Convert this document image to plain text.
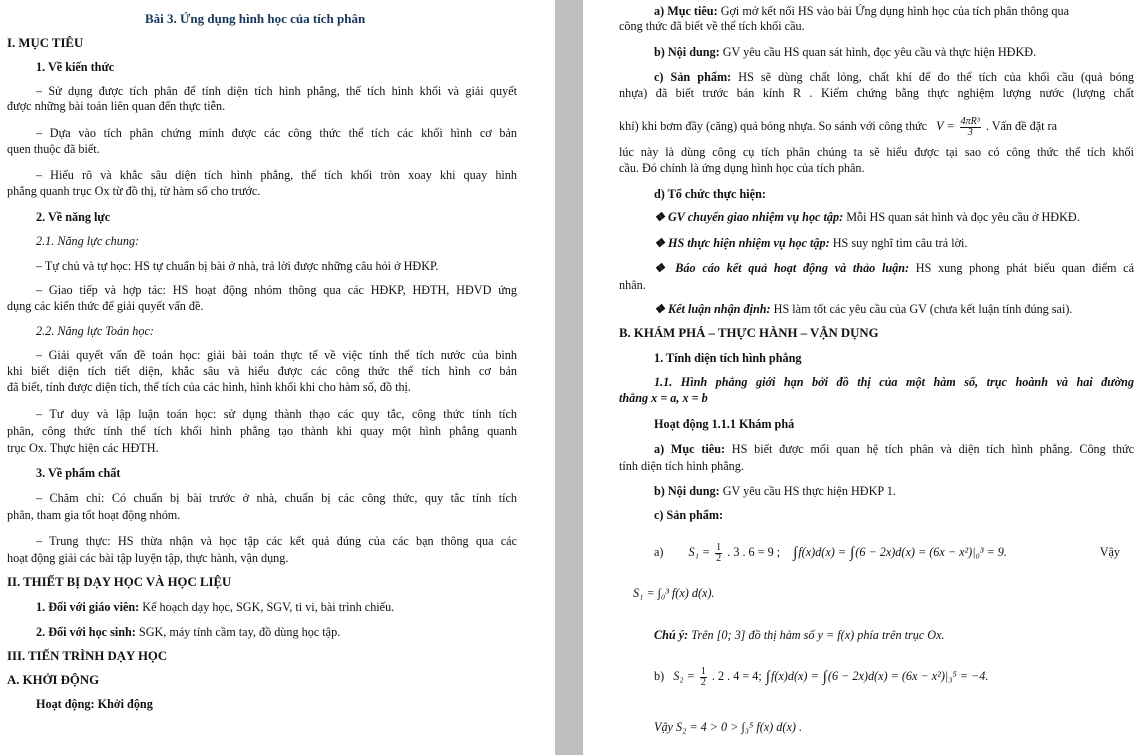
Bài 3. Ứng dụng hình học của tích phân
I. MỤC TIÊU
1. Về kiến thức
– Sử dụng được tích phân để tính diện tích hình phẳng, thể tích hình khối và giải quyết
được những bài toán liên quan đến thực tiễn.
– Dựa vào tích phân chứng minh được các công thức thể tích các khối hình cơ bản
quen thuộc đã biết.
– Hiểu rõ và khắc sâu diện tích hình phẳng, thể tích khối tròn xoay khi quay hình
phẳng quanh trục Ox từ đồ thị, từ hàm số cho trước.
2. Về năng lực
2.1. Năng lực chung:
– Tự chủ và tự học: HS tự chuẩn bị bài ở nhà, trả lời được những câu hỏi ở HĐKP.
– Giao tiếp và hợp tác: HS hoạt động nhóm thông qua các HĐKP, HĐTH, HĐVD ứng
dụng các kiến thức để giải quyết vấn đề.
2.2. Năng lực Toán học:
– Giải quyết vấn đề toán học: giải bài toán thực tế về việc tính thể tích nước của bình
khi biết diện tích tiết diện, khắc sâu và hiểu được các công thức thể tích hình cơ bản
đã biết, tính được diện tích, thể tích của các hình, hình khối khi cho hàm số, đồ thị.
– Tư duy và lập luận toán học: sử dụng thành thạo các quy tắc, công thức tính tích
phân, công thức tính thể tích khối hình phẳng tạo thành khi quay một hình phẳng quanh
trục Ox. Thực hiện các HĐTH.
3. Về phẩm chất
– Chăm chỉ: Có chuẩn bị bài trước ở nhà, chuẩn bị các công thức, quy tắc tính tích
phân, tham gia tốt hoạt động nhóm.
– Trung thực: HS thừa nhận và học tập các kết quả đúng của các bạn thông qua các
hoạt động giải các bài tập luyện tập, thực hành, vận dụng.
II. THIẾT BỊ DẠY HỌC VÀ HỌC LIỆU
1. Đối với giáo viên: Kế hoạch dạy học, SGK, SGV, ti vi, bài trình chiếu.
2. Đối với học sinh: SGK, máy tính cầm tay, đồ dùng học tập.
III. TIẾN TRÌNH DẠY HỌC
A. KHỞI ĐỘNG
Hoạt động: Khởi động
a) Mục tiêu: Gợi mở kết nối HS vào bài Ứng dụng hình học của tích phân thông qua
công thức đã biết về thể tích khối cầu.
b) Nội dung: GV yêu cầu HS quan sát hình, đọc yêu cầu và thực hiện HĐKĐ.
c) Sản phẩm: HS sẽ dùng chất lỏng, chất khí để đo thể tích của khối cầu (quả bóng
nhựa) đã biết trước bán kính R . Kiểm chứng bằng thực nghiệm lượng nước (lượng chất
khí) khi bơm đầy (căng) quả bóng nhựa. So sánh với công thức $V = \frac{\text{4πR³}}{3}$ . Vấn đề đặt ra
lúc này là dùng công cụ tích phân chúng ta sẽ hiểu được tại sao có công thức thể tích khối
cầu. Đó chính là ứng dụng hình học của tích phân.
d) Tổ chức thực hiện:
❖ GV chuyển giao nhiệm vụ học tập: Mỗi HS quan sát hình và đọc yêu cầu ở HĐKĐ.
❖ HS thực hiện nhiệm vụ học tập: HS suy nghĩ tìm câu trả lời.
❖ Báo cáo kết quả hoạt động và thảo luận: HS xung phong phát biểu quan điểm cá
nhân.
❖ Kết luận nhận định: HS làm tốt các yêu cầu của GV (chưa kết luận tính đúng sai).
B. KHÁM PHÁ – THỰC HÀNH – VẬN DỤNG
1. Tính diện tích hình phẳng
1.1. Hình phẳng giới hạn bởi đồ thị của một hàm số, trục hoành và hai đường
thẳng x = a, x = b
Hoạt động 1.1.1 Khám phá
a) Mục tiêu: HS biết được mối quan hệ tích phân và diện tích hình phẳng. Công thức
tính diện tích hình phẳng.
b) Nội dung: GV yêu cầu HS thực hiện HĐKP 1.
c) Sản phẩm:
a) $S_1 = \frac{1}{2}$ . 3 . 6 = 9 ; ∫f(x)d(x) = ∫(6 − 2x)d(x) = (6x − x²)|₀³ = 9.	Vậy
S₁ = ∫₀³ f(x) d(x).
Chú ý: Trên [0; 3] đồ thị hàm số y = f(x) phía trên trục Ox.
b) $S_2 = \frac{1}{2}$ . 2 . 4 = 4; ∫f(x)d(x) = ∫(6 − 2x)d(x) = (6x − x²)|₃⁵ = −4.
Vậy S₂ = 4 > 0 > ∫₃⁵ f(x) d(x) .
